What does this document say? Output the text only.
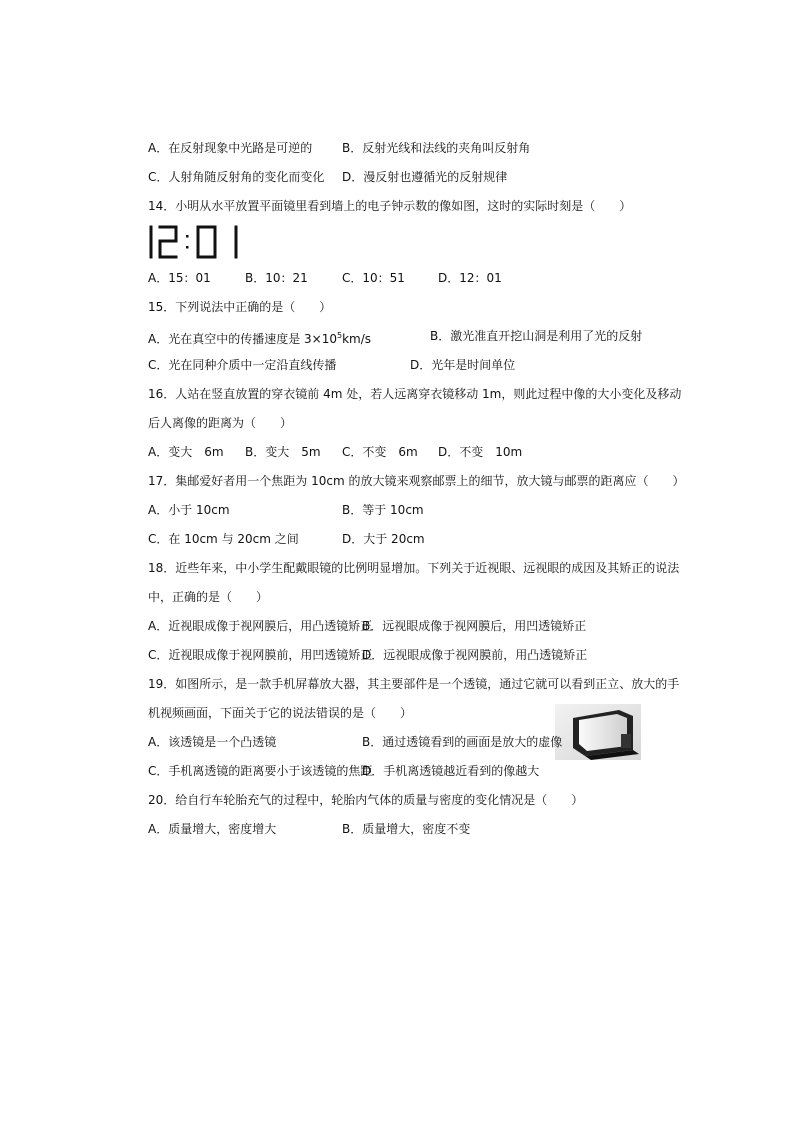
A．在反射现象中光路是可逆的 B．反射光线和法线的夹角叫反射角
C．人射角随反射角的变化而变化 D．漫反射也遵循光的反射规律
14．小明从水平放置平面镜里看到墙上的电子钟示数的像如图，这时的实际时刻是（　　）
12:01
A．15：01	B．10：21	C．10：51	D．12：01
15．下列说法中正确的是（　　）
A．光在真空中的传播速度是 $3\times 10^5km/s$	B．激光准直开挖山洞是利用了光的反射
C．光在同种介质中一定沿直线传播	D．光年是时间单位
16．人站在竖直放置的穿衣镜前 4m 处，若人远离穿衣镜移动 1m，则此过程中像的大小变化及移动
后人离像的距离为（　　）
A．变大　6m B．变大　5m C．不变　6m D．不变　10m
17．集邮爱好者用一个焦距为 10cm 的放大镜来观察邮票上的细节，放大镜与邮票的距离应（　　）
A．小于 10cm	B．等于 10cm
C．在 10cm 与 20cm 之间	D．大于 20cm
18．近些年来，中小学生配戴眼镜的比例明显增加。下列关于近视眼、远视眼的成因及其矫正的说法
中，正确的是（　　）
A．近视眼成像于视网膜后，用凸透镜矫正
B．远视眼成像于视网膜后，用凹透镜矫正
C．近视眼成像于视网膜前，用凹透镜矫正
D．远视眼成像于视网膜前，用凸透镜矫正
19．如图所示，是一款手机屏幕放大器，其主要部件是一个透镜，通过它就可以看到正立、放大的手
机视频画面，下面关于它的说法错误的是（　　）
A．该透镜是一个凸透镜	B．通过透镜看到的画面是放大的虚像
C．手机离透镜的距离要小于该透镜的焦距
D．手机离透镜越近看到的像越大
20．给自行车轮胎充气的过程中，轮胎内气体的质量与密度的变化情况是（　　）
A．质量增大，密度增大	B．质量增大，密度不变
